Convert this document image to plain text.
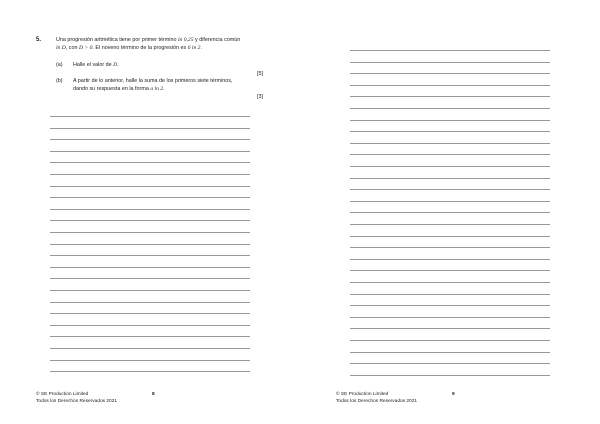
5.	Una progresión aritmética tiene por primer término ln 0,25 y diferencia común
ln D, con D > 0. El noveno término de la progresión es 6 ln 2.
(a) Halle el valor de D.
[5]
(b) A partir de lo anterior, halle la suma de los primeros siete términos,
dando su respuesta en la forma a ln 2.
[3]
© SE Production Limited
Todos los Derechos Reservados 2021
8	© SE Production Limited
Todos los Derechos Reservados 2021
9
